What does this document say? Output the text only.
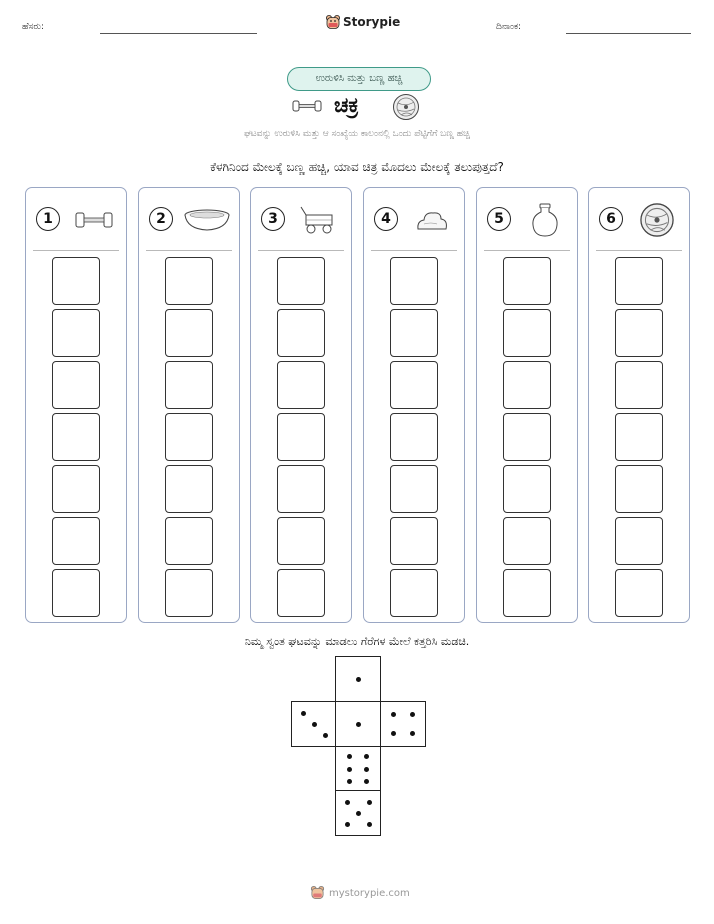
ಹೆಸರು:	Storypie	ದಿನಾಂಕ:
ಉರುಳಿಸಿ ಮತ್ತು ಬಣ್ಣ ಹಚ್ಚಿ
ಚಕ್ರ
ಘಟವನ್ನು ಉರುಳಿಸಿ ಮತ್ತು ಆ ಸಂಖ್ಯೆಯ ಕಾಲಂನಲ್ಲಿ ಒಂದು ಪೆಟ್ಟಿಗೆಗೆ ಬಣ್ಣ ಹಚ್ಚಿ
ಕೆಳಗಿನಿಂದ ಮೇಲಕ್ಕೆ ಬಣ್ಣ ಹಚ್ಚಿ, ಯಾವ ಚಿತ್ರ ಮೊದಲು ಮೇಲಕ್ಕೆ ತಲುಪುತ್ತದೆ?
1	2	3	4	5	6
ನಿಮ್ಮ ಸ್ವಂತ ಘಟವನ್ನು ಮಾಡಲು ಗೆರೆಗಳ ಮೇಲೆ ಕತ್ತರಿಸಿ ಮಡಚಿ.
mystorypie.com
